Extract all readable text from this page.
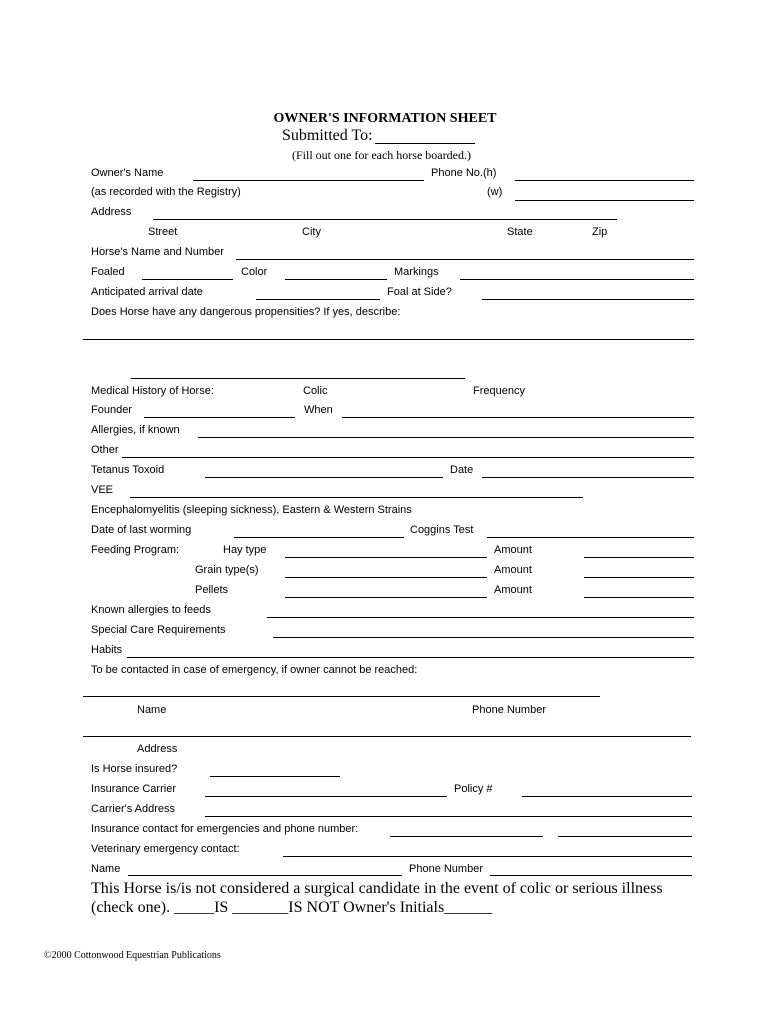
OWNER'S INFORMATION SHEET
Submitted To:
(Fill out one for each horse boarded.)
Owner's Name	Phone No.(h)
(as recorded with the Registry)	(w)
Address
Street	City	State	Zip
Horse's Name and Number
Foaled	Color	Markings
Anticipated arrival date	Foal at Side?
Does Horse have any dangerous propensities? If yes, describe:
Medical History of Horse:	Colic	Frequency
Founder	When
Allergies, if known
Other
Tetanus Toxoid	Date
VEE
Encephalomyelitis (sleeping sickness), Eastern & Western Strains
Date of last worming	Coggins Test
Feeding Program:	Hay type	Amount
Grain type(s)	Amount
Pellets	Amount
Known allergies to feeds
Special Care Requirements
Habits
To be contacted in case of emergency, if owner cannot be reached:
Name	Phone Number
Address
Is Horse insured?
Insurance Carrier	Policy #
Carrier's Address
Insurance contact for emergencies and phone number:
Veterinary emergency contact:
Name	Phone Number
This Horse is/is not considered a surgical candidate in the event of colic or serious illness (check one). _____IS _______IS NOT Owner's Initials______
©2000 Cottonwood Equestrian Publications
